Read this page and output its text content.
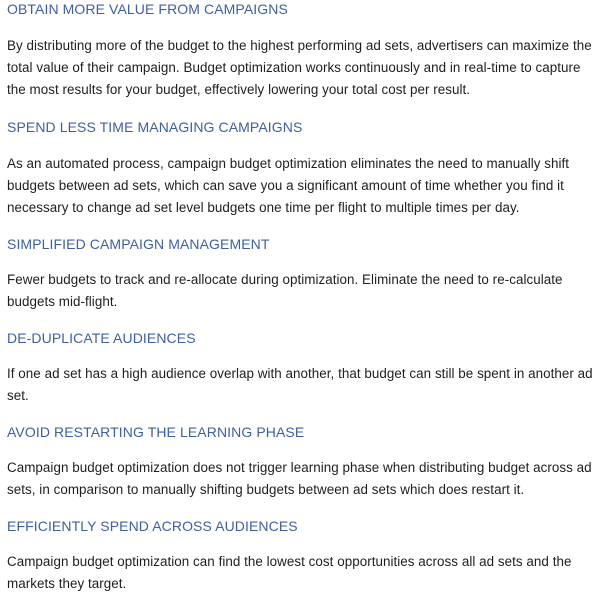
OBTAIN MORE VALUE FROM CAMPAIGNS

By distributing more of the budget to the highest performing ad sets, advertisers can maximize the total value of their campaign. Budget optimization works continuously and in real-time to capture the most results for your budget, effectively lowering your total cost per result.

SPEND LESS TIME MANAGING CAMPAIGNS

As an automated process, campaign budget optimization eliminates the need to manually shift budgets between ad sets, which can save you a significant amount of time whether you find it necessary to change ad set level budgets one time per flight to multiple times per day.

SIMPLIFIED CAMPAIGN MANAGEMENT

Fewer budgets to track and re-allocate during optimization. Eliminate the need to re-calculate budgets mid-flight.

DE-DUPLICATE AUDIENCES

If one ad set has a high audience overlap with another, that budget can still be spent in another ad set.

AVOID RESTARTING THE LEARNING PHASE

Campaign budget optimization does not trigger learning phase when distributing budget across ad sets, in comparison to manually shifting budgets between ad sets which does restart it.

EFFICIENTLY SPEND ACROSS AUDIENCES

Campaign budget optimization can find the lowest cost opportunities across all ad sets and the markets they target.
